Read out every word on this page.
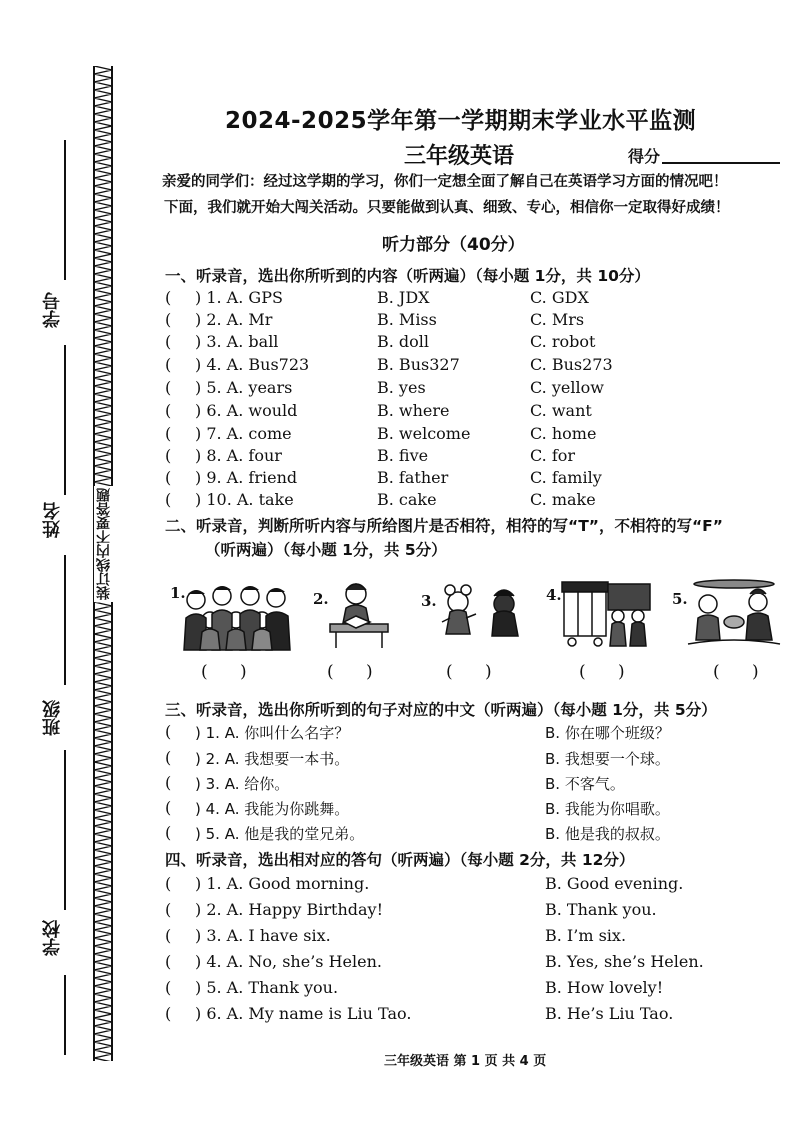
学号
姓名
班级
学校
装订线内不要答题
2024-2025学年第一学期期末学业水平监测
三年级英语	得分
亲爱的同学们：经过这学期的学习，你们一定想全面了解自己在英语学习方面的情况吧！
下面，我们就开始大闯关活动。只要能做到认真、细致、专心，相信你一定取得好成绩！
听力部分（40分）
一、听录音，选出你所听到的内容（听两遍）（每小题 1分，共 10分）
( ) 1. A. GPS	B. JDX	C. GDX
( ) 2. A. Mr	B. Miss	C. Mrs
( ) 3. A. ball	B. doll	C. robot
( ) 4. A. Bus723	B. Bus327	C. Bus273
( ) 5. A. years	B. yes	C. yellow
( ) 6. A. would	B. where	C. want
( ) 7. A. come	B. welcome	C. home
( ) 8. A. four	B. five	C. for
( ) 9. A. friend	B. father	C. family
( ) 10. A. take	B. cake	C. make
二、听录音，判断所听内容与所给图片是否相符，相符的写“T”，不相符的写“F”
（听两遍）（每小题 1分，共 5分）
1.	2.	3.	4.	5.
(      )	(      )	(      )	(      )	(      )
三、听录音，选出你所听到的句子对应的中文（听两遍）（每小题 1分，共 5分）
( ) 1. A. 你叫什么名字？	B. 你在哪个班级？
( ) 2. A. 我想要一本书。	B. 我想要一个球。
( ) 3. A. 给你。	B. 不客气。
( ) 4. A. 我能为你跳舞。	B. 我能为你唱歌。
( ) 5. A. 他是我的堂兄弟。	B. 他是我的叔叔。
四、听录音，选出相对应的答句（听两遍）（每小题 2分，共 12分）
( ) 1. A. Good morning.	B. Good evening.
( ) 2. A. Happy Birthday!	B. Thank you.
( ) 3. A. I have six.	B. I’m six.
( ) 4. A. No, she’s Helen.	B. Yes, she’s Helen.
( ) 5. A. Thank you.	B. How lovely!
( ) 6. A. My name is Liu Tao.	B. He’s Liu Tao.
三年级英语 第 1 页 共 4 页
